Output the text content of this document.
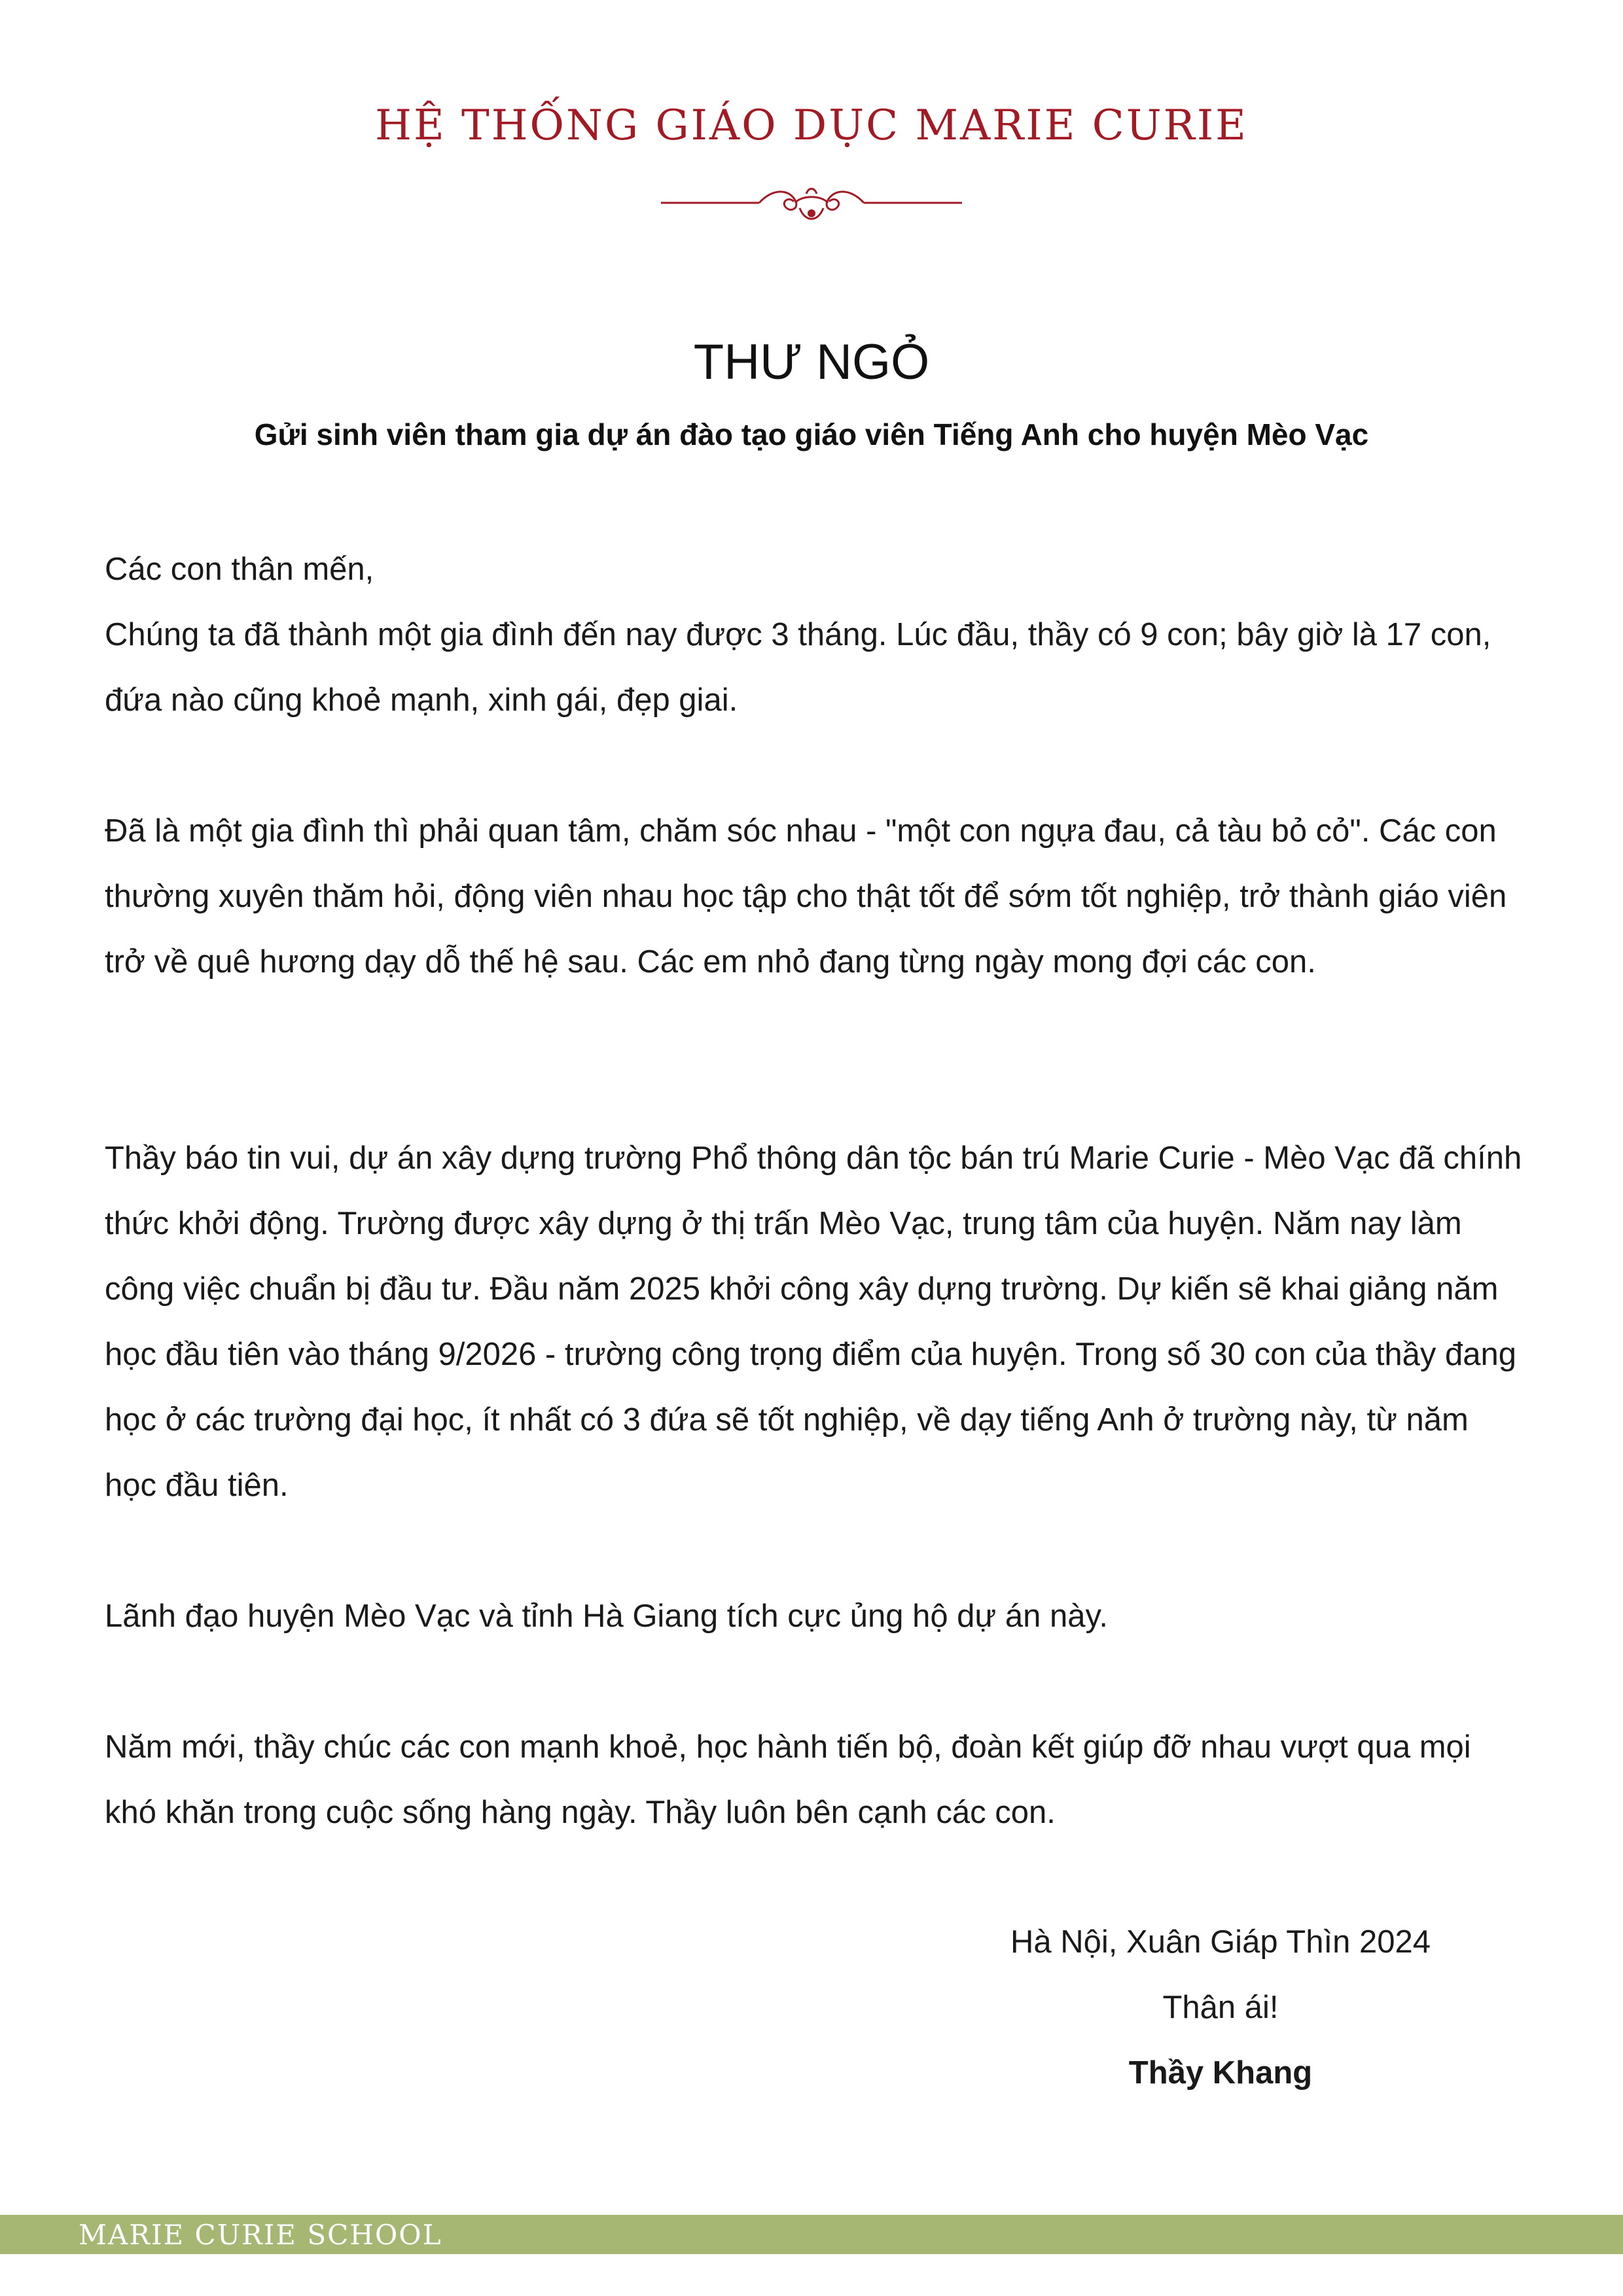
HỆ THỐNG GIÁO DỤC MARIE CURIE
THƯ NGỎ
Gửi sinh viên tham gia dự án đào tạo giáo viên Tiếng Anh cho huyện Mèo Vạc

Các con thân mến,

Chúng ta đã thành một gia đình đến nay được 3 tháng. Lúc đầu, thầy có 9 con; bây giờ là 17 con, đứa nào cũng khoẻ mạnh, xinh gái, đẹp giai.

Đã là một gia đình thì phải quan tâm, chăm sóc nhau - "một con ngựa đau, cả tàu bỏ cỏ". Các con thường xuyên thăm hỏi, động viên nhau học tập cho thật tốt để sớm tốt nghiệp, trở thành giáo viên trở về quê hương dạy dỗ thế hệ sau. Các em nhỏ đang từng ngày mong đợi các con.

Thầy báo tin vui, dự án xây dựng trường Phổ thông dân tộc bán trú Marie Curie - Mèo Vạc đã chính thức khởi động. Trường được xây dựng ở thị trấn Mèo Vạc, trung tâm của huyện. Năm nay làm công việc chuẩn bị đầu tư. Đầu năm 2025 khởi công xây dựng trường. Dự kiến sẽ khai giảng năm học đầu tiên vào tháng 9/2026 - trường công trọng điểm của huyện. Trong số 30 con của thầy đang học ở các trường đại học, ít nhất có 3 đứa sẽ tốt nghiệp, về dạy tiếng Anh ở trường này, từ năm học đầu tiên.

Lãnh đạo huyện Mèo Vạc và tỉnh Hà Giang tích cực ủng hộ dự án này.

Năm mới, thầy chúc các con mạnh khoẻ, học hành tiến bộ, đoàn kết giúp đỡ nhau vượt qua mọi khó khăn trong cuộc sống hàng ngày. Thầy luôn bên cạnh các con.

Hà Nội, Xuân Giáp Thìn 2024
Thân ái!
Thầy Khang
MARIE CURIE SCHOOL
